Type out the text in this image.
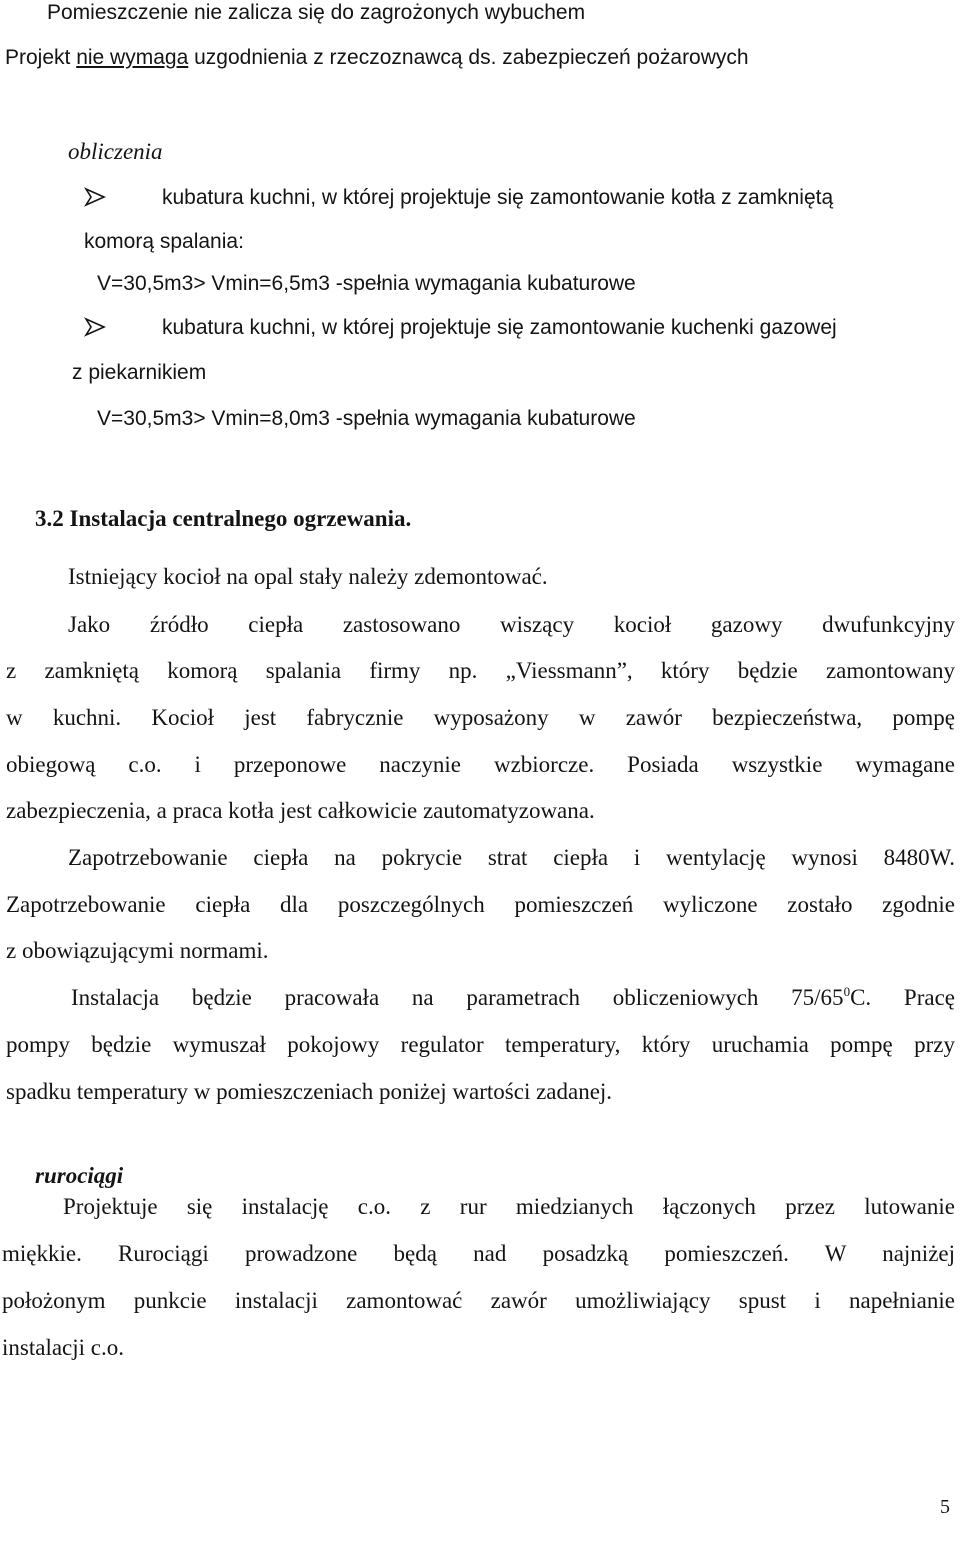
Pomieszczenie nie zalicza się do zagrożonych wybuchem
Projekt nie wymaga uzgodnienia z rzeczoznawcą ds. zabezpieczeń pożarowych
obliczenia
kubatura kuchni, w której projektuje się zamontowanie kotła z zamkniętą
komorą spalania:
V=30,5m3> Vmin=6,5m3 -spełnia wymagania kubaturowe
kubatura kuchni, w której projektuje się zamontowanie kuchenki gazowej
z piekarnikiem
V=30,5m3> Vmin=8,0m3 -spełnia wymagania kubaturowe
3.2 Instalacja centralnego ogrzewania.
Istniejący kocioł na opal stały należy zdemontować.
Jako źródło ciepła zastosowano wiszący kocioł gazowy dwufunkcyjny
z zamkniętą komorą spalania firmy np. „Viessmann”, który będzie zamontowany
w kuchni. Kocioł jest fabrycznie wyposażony w zawór bezpieczeństwa, pompę
obiegową c.o. i przeponowe naczynie wzbiorcze. Posiada wszystkie wymagane
zabezpieczenia, a praca kotła jest całkowicie zautomatyzowana.
Zapotrzebowanie ciepła na pokrycie strat ciepła i wentylację wynosi 8480W.
Zapotrzebowanie ciepła dla poszczególnych pomieszczeń wyliczone zostało zgodnie
z obowiązującymi normami.
Instalacja będzie pracowała na parametrach obliczeniowych $75/65^0C$. Pracę
pompy będzie wymuszał pokojowy regulator temperatury, który uruchamia pompę przy
spadku temperatury w pomieszczeniach poniżej wartości zadanej.
rurociągi
Projektuje się instalację c.o. z rur miedzianych łączonych przez lutowanie
miękkie. Rurociągi prowadzone będą nad posadzką pomieszczeń. W najniżej
położonym punkcie instalacji zamontować zawór umożliwiający spust i napełnianie
instalacji c.o.
5
